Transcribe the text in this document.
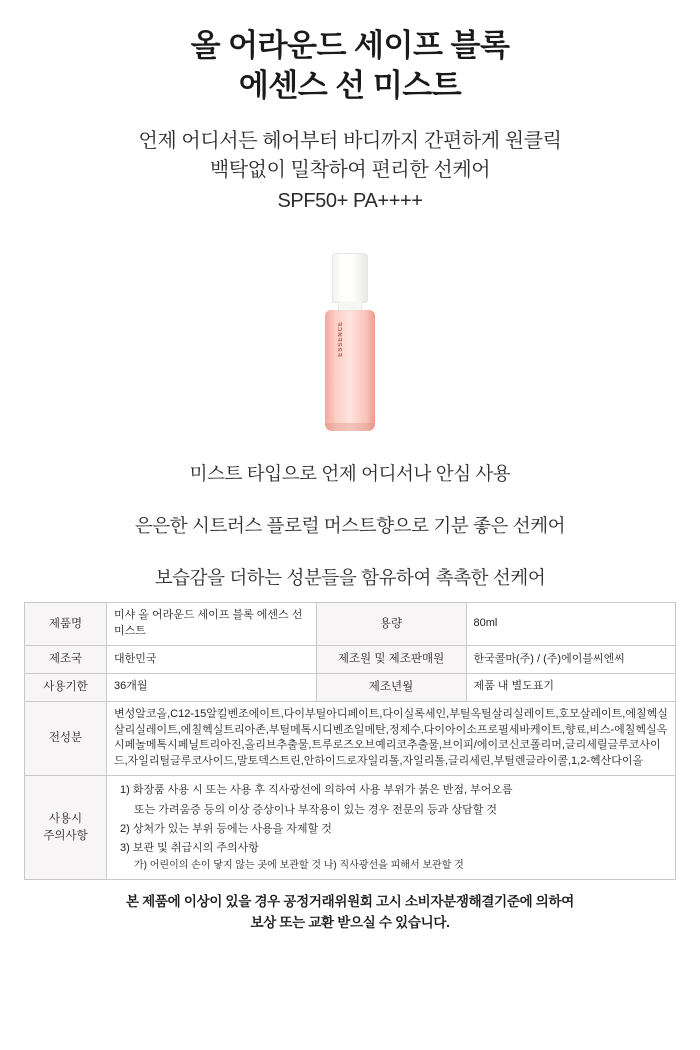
올 어라운드 세이프 블록
에센스 선 미스트
언제 어디서든 헤어부터 바디까지 간편하게 원클릭
백탁없이 밀착하여 편리한 선케어
SPF50+ PA++++
ESSENCE
미스트 타입으로 언제 어디서나 안심 사용
은은한 시트러스 플로럴 머스트향으로 기분 좋은 선케어
보습감을 더하는 성분들을 함유하여 촉촉한 선케어
제품명	미샤 올 어라운드 세이프 블록 에센스 선 미스트	용량	80ml
제조국	대한민국	제조원 및 제조판매원	한국콜마(주) / (주)에이블씨엔씨
사용기한	36개월	제조년월	제품 내 별도표기
전성분	변성알코올,C12-15알킬벤조에이트,다이부틸아디페이트,다이실록세인,부틸옥틸살리실레이트,호모살레이트,에칠헥실살리실레이트,에칠헥실트리아존,부틸메톡시디벤조일메탄,정제수,다이아이소프로필세바케이트,향료,비스-에칠헥실옥시페놀메톡시페닐트리아진,올리브추출물,트루로즈오브예리코추출물,브이피/에이코신코폴리머,글리세릴글루코사이드,자일리틸글루코사이드,말토덱스트린,안하이드로자일리톨,자일리톨,글리세린,부틸렌글라이콜,1,2-헥산다이올		

사용시
주의사항

1) 화장품 사용 시 또는 사용 후 직사광선에 의하여 사용 부위가 붉은 반점, 부어오름
또는 가려움증 등의 이상 증상이나 부작용이 있는 경우 전문의 등과 상담할 것
2) 상처가 있는 부위 등에는 사용을 자제할 것
3) 보관 및 취급시의 주의사항
가) 어린이의 손이 닿지 않는 곳에 보관할 것 나) 직사광선을 피해서 보관할 것
본 제품에 이상이 있을 경우 공정거래위원회 고시 소비자분쟁해결기준에 의하여
보상 또는 교환 받으실 수 있습니다.
